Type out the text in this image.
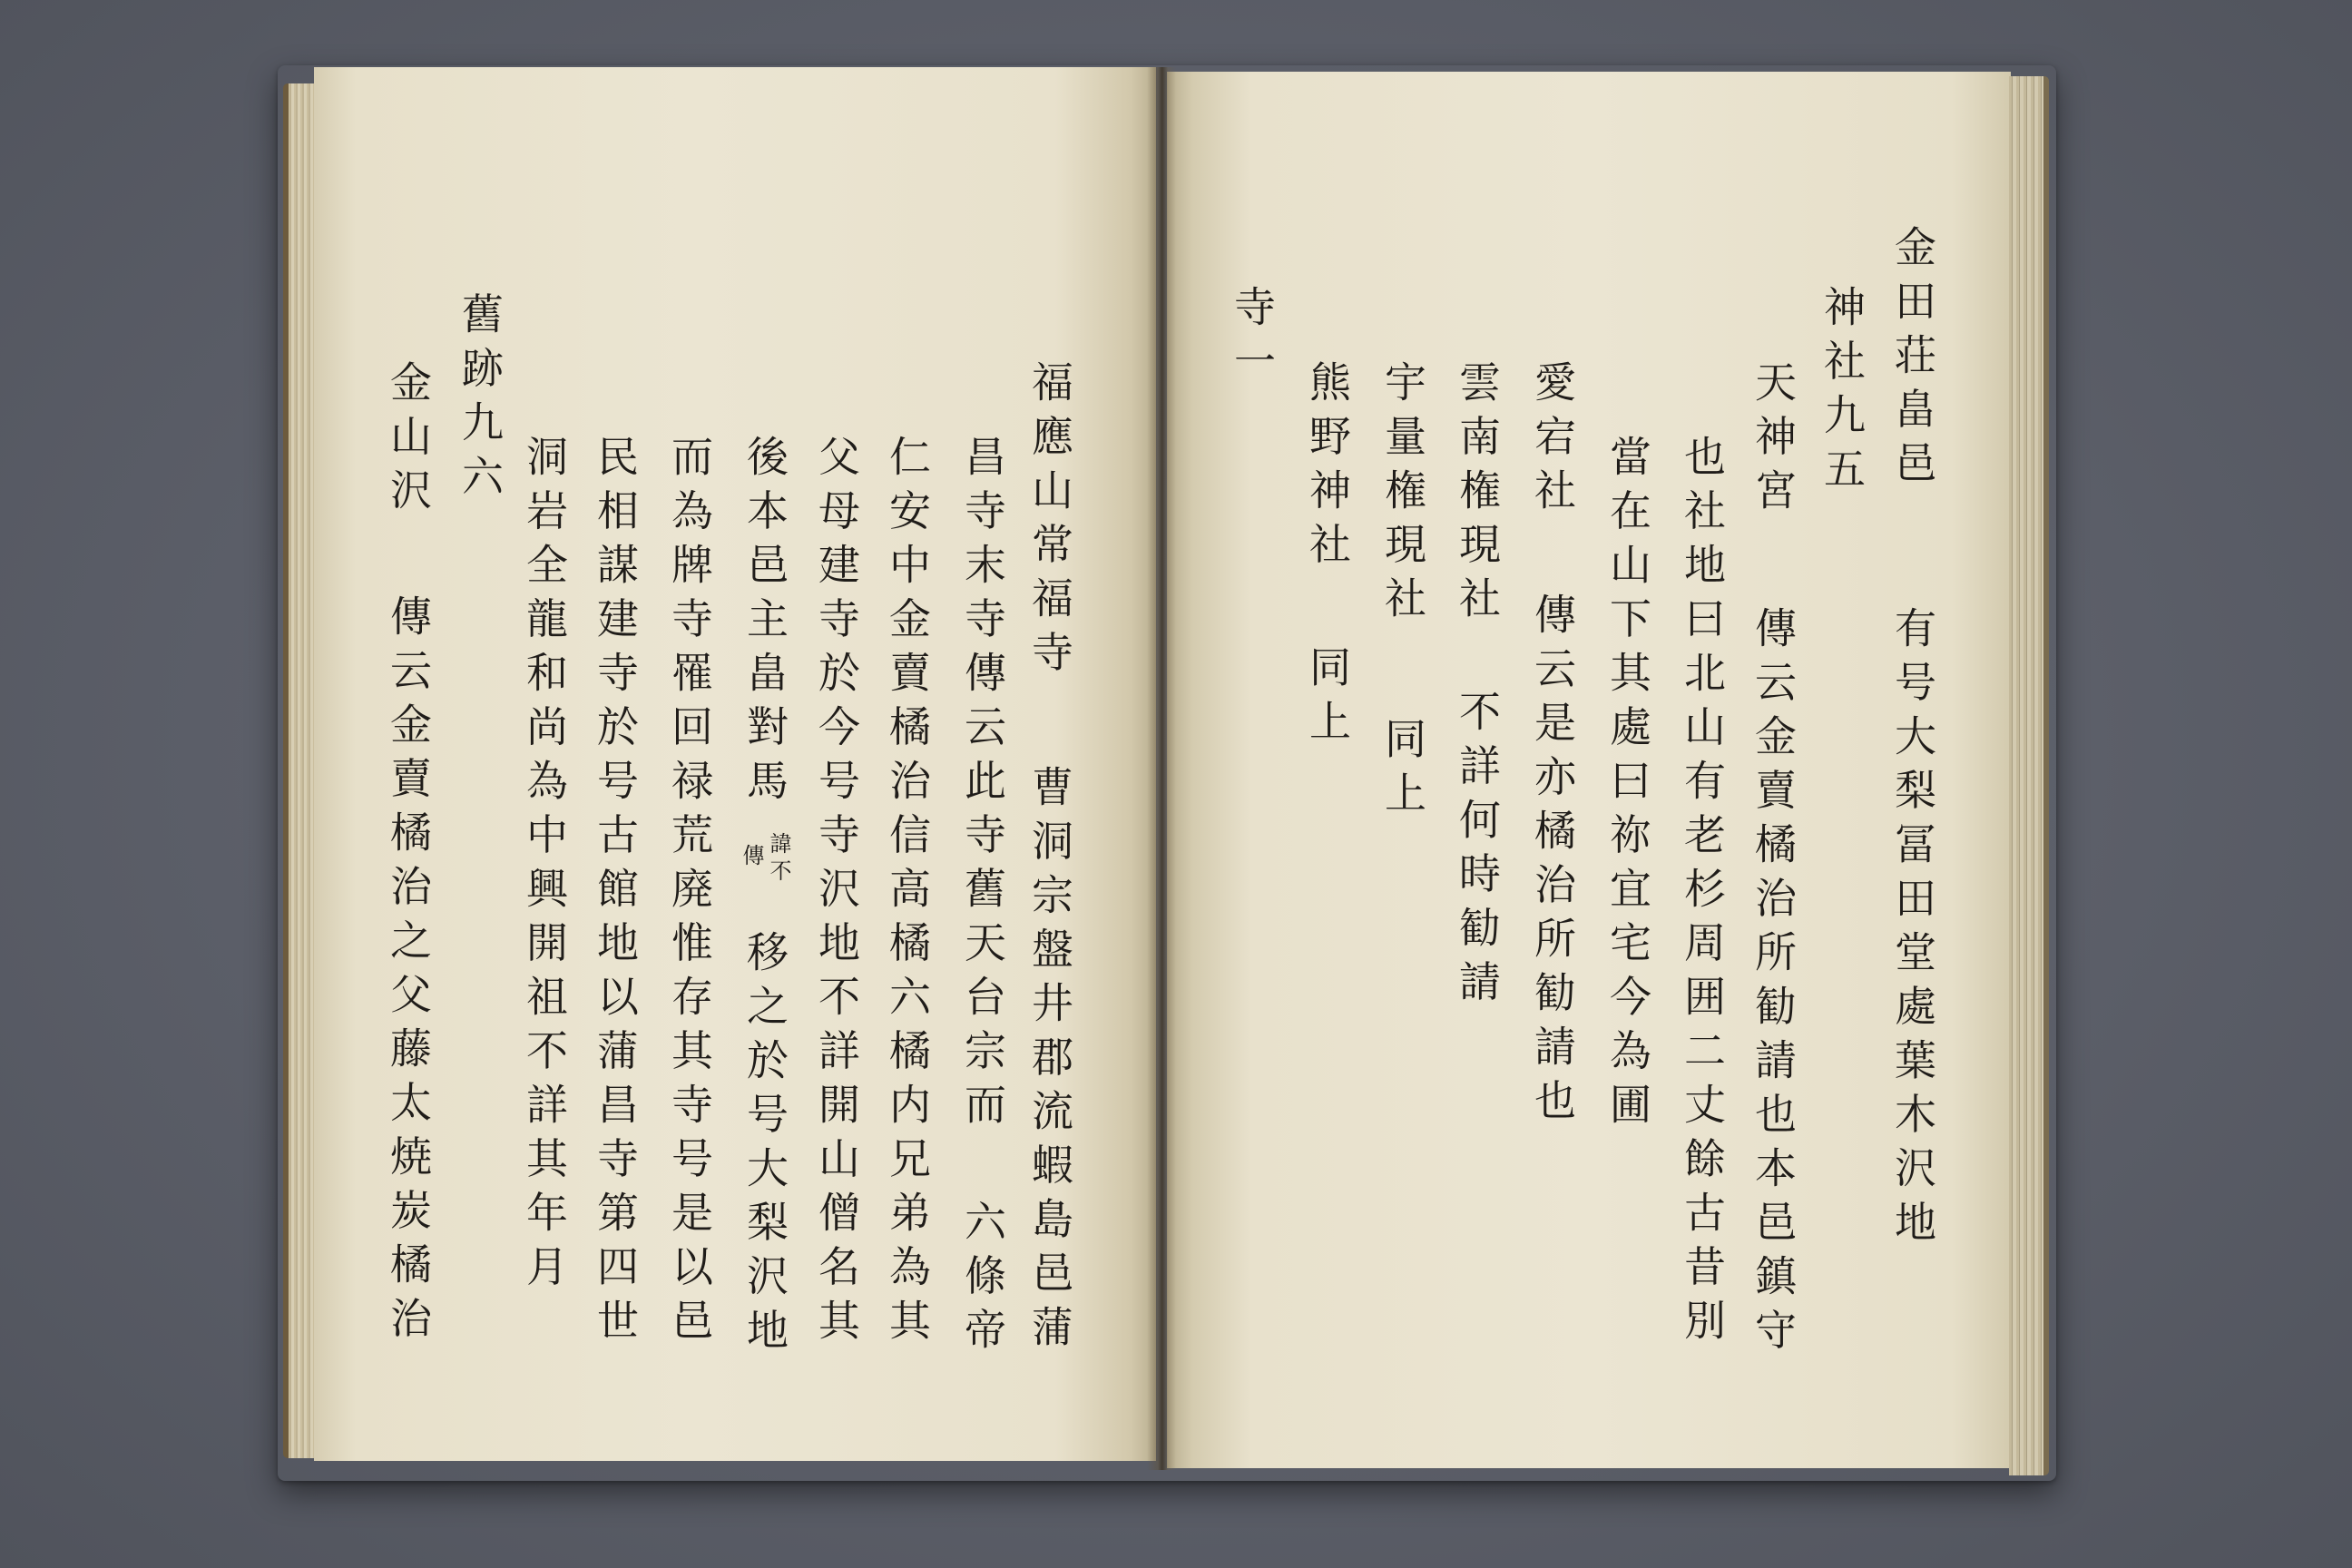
金田荘畠邑
有号大梨冨田堂處葉木沢地
神社九五
天神宮
傳云金賣橘治所勧請也本邑鎮守
也社地曰北山有老杉周囲二丈餘古昔別
當在山下其處曰祢宜宅今為圃
愛宕社
傳云是亦橘治所勧請也
雲南権現社
不詳何時勧請
宇量権現社
同上
熊野神社
同上
寺一
福應山常福寺
曹洞宗盤井郡流蝦島邑蒲
昌寺末寺傳云此寺舊天台宗而
六條帝
仁安中金賣橘治信高橘六橘内兄弟為其
父母建寺於今号寺沢地不詳開山僧名其
後本邑主畠對馬
諱不
傳
移之於号大梨沢地
而為牌寺罹回禄荒廃惟存其寺号是以邑
民相謀建寺於号古館地以蒲昌寺第四世
洞岩全龍和尚為中興開祖不詳其年月
舊跡九六
金山沢
傳云金賣橘治之父藤太焼炭橘治
